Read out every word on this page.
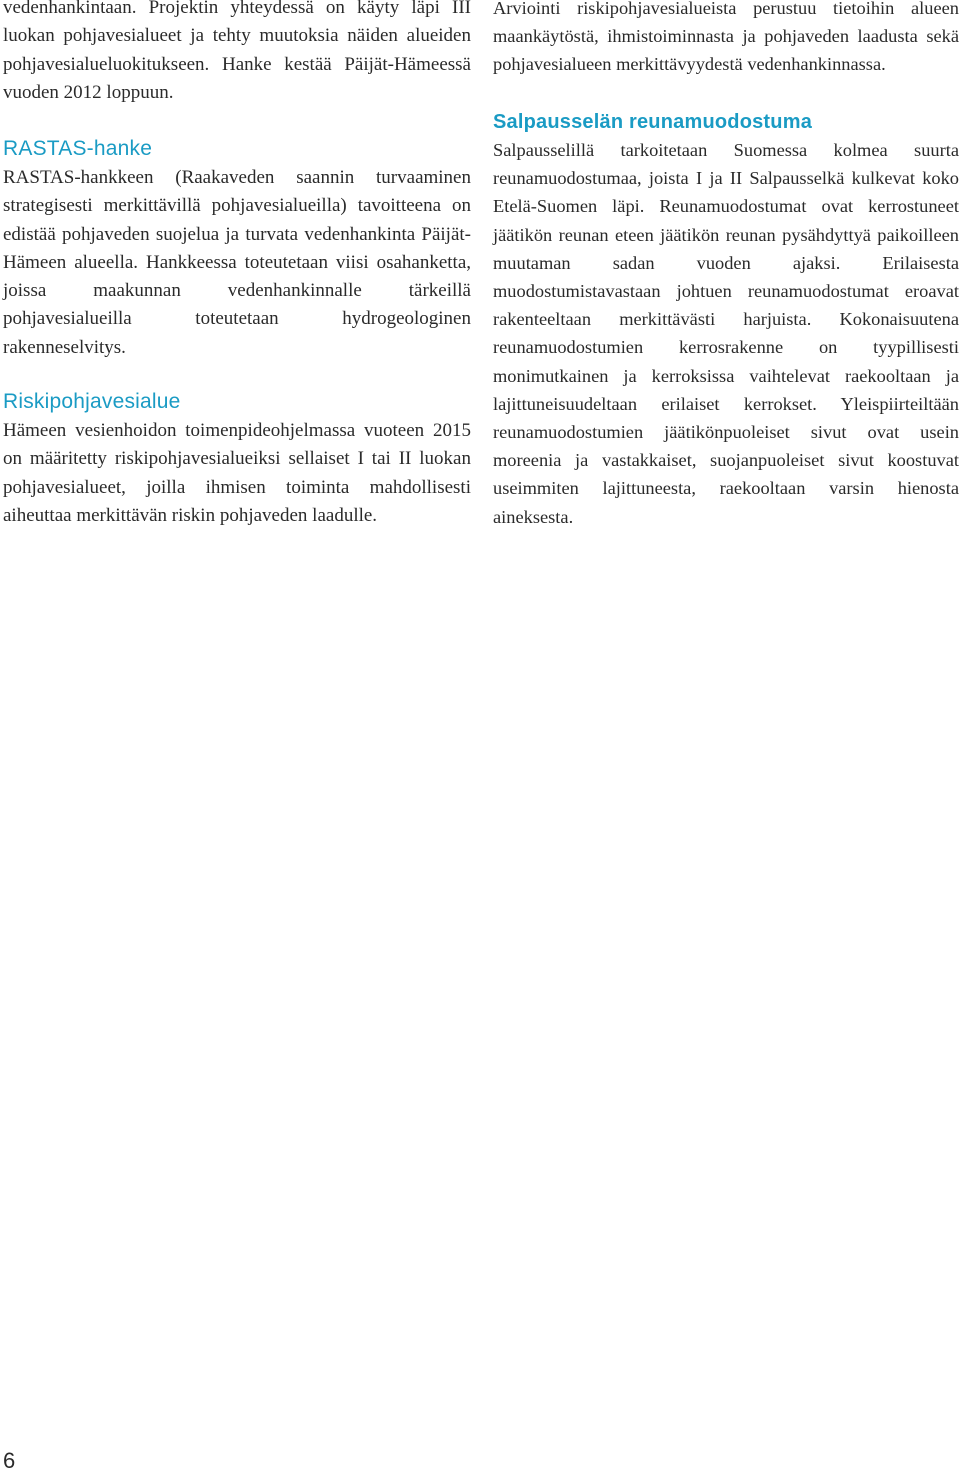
vedenhankintaan. Projektin yhteydessä on käyty läpi III luokan pohjavesialueet ja tehty muutoksia näiden alueiden pohjavesialueluokitukseen. Hanke kestää Päijät-Hämeessä vuoden 2012 loppuun.

RASTAS-hanke

RASTAS-hankkeen (Raakaveden saannin turvaaminen strategisesti merkittävillä pohjavesialueilla) tavoitteena on edistää pohjaveden suojelua ja turvata vedenhankinta Päijät-Hämeen alueella. Hankkeessa toteutetaan viisi osahanketta, joissa maakunnan vedenhankinnalle tärkeillä pohjavesialueilla toteutetaan hydrogeologinen rakenneselvitys.

Riskipohjavesialue

Hämeen vesienhoidon toimenpideohjelmassa vuoteen 2015 on määritetty riskipohjavesialueiksi sellaiset I tai II luokan pohjavesialueet, joilla ihmisen toiminta mahdollisesti aiheuttaa merkittävän riskin pohjaveden laadulle.

Arviointi riskipohjavesialueista perustuu tietoihin alueen maankäytöstä, ihmistoiminnasta ja pohjaveden laadusta sekä pohjavesialueen merkittävyydestä vedenhankinnassa.

Salpausselän reunamuodostuma

Salpausselillä tarkoitetaan Suomessa kolmea suurta reunamuodostumaa, joista I ja II Salpausselkä kulkevat koko Etelä-Suomen läpi. Reunamuodostumat ovat kerrostuneet jäätikön reunan eteen jäätikön reunan pysähdyttyä paikoilleen muutaman sadan vuoden ajaksi. Erilaisesta muodostumistavastaan johtuen reunamuodostumat eroavat rakenteeltaan merkittävästi harjuista. Kokonaisuutena reunamuodostumien kerrosrakenne on tyypillisesti monimutkainen ja kerroksissa vaihtelevat raekooltaan ja lajittuneisuudeltaan erilaiset kerrokset. Yleispiirteiltään reunamuodostumien jäätikönpuoleiset sivut ovat usein moreenia ja vastakkaiset, suojanpuoleiset sivut koostuvat useimmiten lajittuneesta, raekooltaan varsin hienosta aineksesta.

6
